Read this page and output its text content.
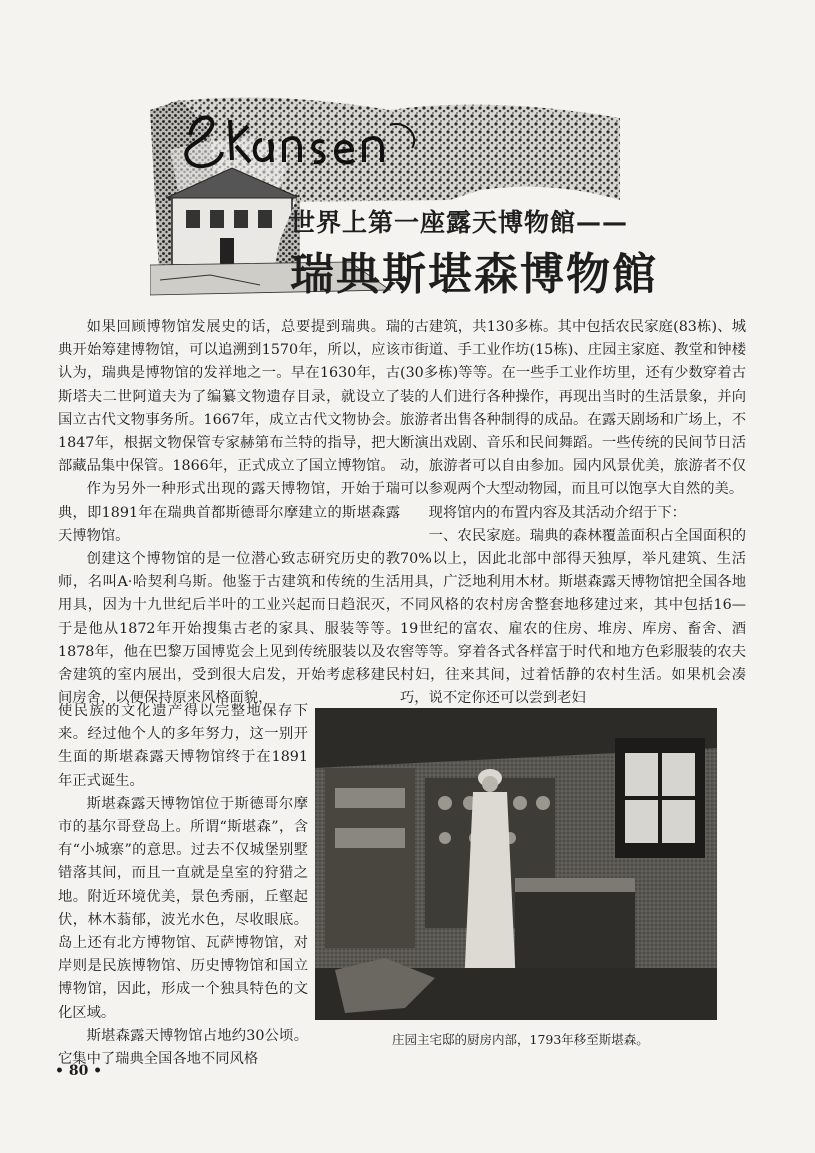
世界上第一座露天博物館——
瑞典斯堪森博物館

如果回顾博物馆发展史的话，总要提到瑞典。瑞典开始筹建博物馆，可以追溯到1570年，所以，应该认为，瑞典是博物馆的发祥地之一。早在1630年，古斯塔夫二世阿道夫为了编纂文物遗存目录，就设立了国立古代文物事务所。1667年，成立古代文物协会。1847年，根据文物保管专家赫第布兰特的指导，把大部藏品集中保管。1866年，正式成立了国立博物馆。

作为另外一种形式出现的露天博物馆，开始于瑞典，即1891年在瑞典首都斯德哥尔摩建立的斯堪森露天博物馆。

创建这个博物馆的是一位潜心致志研究历史的教师，名叫A·哈契利乌斯。他鉴于古建筑和传统的生活用具，因为十九世纪后半叶的工业兴起而日趋泯灭，于是他从1872年开始搜集古老的家具、服装等等。1878年，他在巴黎万国博览会上见到传统服装以及农舍建筑的室内展出，受到很大启发，开始考虑移建民间房舍，以便保持原来风格面貌，

使民族的文化遗产得以完整地保存下来。经过他个人的多年努力，这一别开生面的斯堪森露天博物馆终于在1891年正式诞生。

斯堪森露天博物馆位于斯德哥尔摩市的基尔哥登岛上。所谓“斯堪森”，含有“小城寨”的意思。过去不仅城堡别墅错落其间，而且一直就是皇室的狩猎之地。附近环境优美，景色秀丽，丘壑起伏，林木蓊郁，波光水色，尽收眼底。岛上还有北方博物馆、瓦萨博物馆，对岸则是民族博物馆、历史博物馆和国立博物馆，因此，形成一个独具特色的文化区域。

斯堪森露天博物馆占地约30公顷。它集中了瑞典全国各地不同风格

的古建筑，共130多栋。其中包括农民家庭(83栋)、城市街道、手工业作坊(15栋)、庄园主家庭、教堂和钟楼(30多栋)等等。在一些手工业作坊里，还有少数穿着古装的人们进行各种操作，再现出当时的生活景象，并向旅游者出售各种制得的成品。在露天剧场和广场上，不断演出戏剧、音乐和民间舞蹈。一些传统的民间节日活动，旅游者可以自由参加。园内风景优美，旅游者不仅可以参观两个大型动物园，而且可以饱享大自然的美。

现将馆内的布置内容及其活动介绍于下：

一、农民家庭。瑞典的森林覆盖面积占全国面积的70%以上，因此北部中部得天独厚，举凡建筑、生活用具，广泛地利用木材。斯堪森露天博物馆把全国各地不同风格的农村房舍整套地移建过来，其中包括16—19世纪的富农、雇农的住房、堆房、库房、畜舍、酒窖等等。穿着各式各样富于时代和地方色彩服装的农夫村妇，往来其间，过着恬静的农村生活。如果机会凑巧，说不定你还可以尝到老妇

庄园主宅邸的厨房内部，1793年移至斯堪森。
• 80 •
